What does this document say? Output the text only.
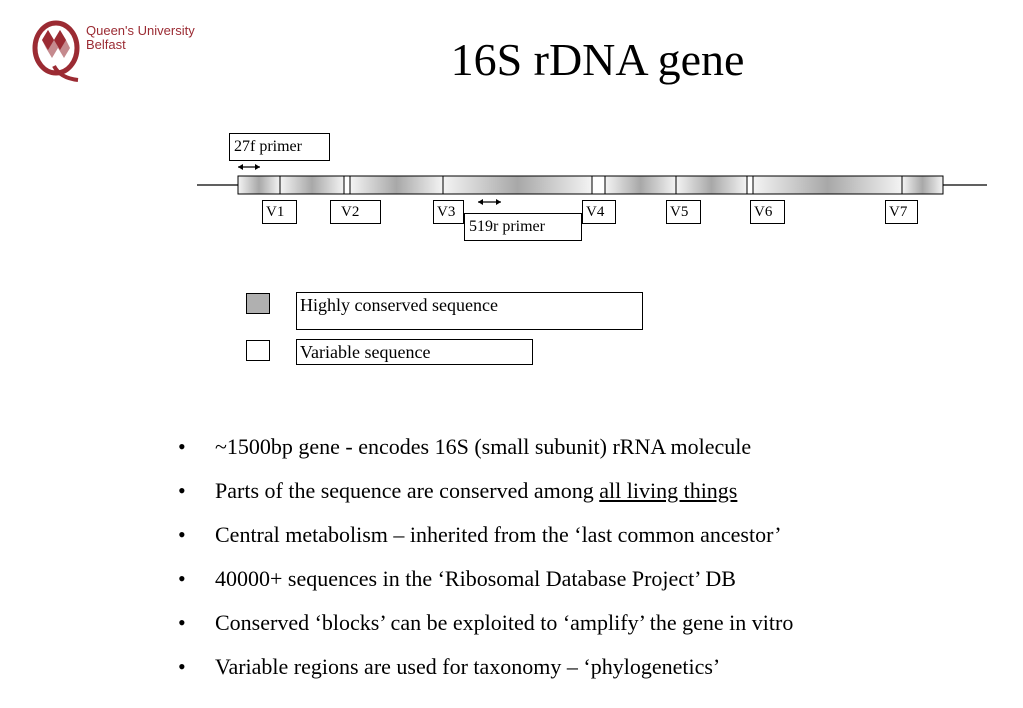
Queen's University
Belfast	16S rDNA gene
27f primer
519r primer
V1	V2	V3	V4	V5	V6	V7
Highly conserved sequence
Variable sequence
• ~1500bp gene - encodes 16S (small subunit) rRNA molecule
• Parts of the sequence are conserved among all living things
• Central metabolism – inherited from the ‘last common ancestor’
• 40000+ sequences in the ‘Ribosomal Database Project’ DB
• Conserved ‘blocks’ can be exploited to ‘amplify’ the gene in vitro
• Variable regions are used for taxonomy – ‘phylogenetics’
